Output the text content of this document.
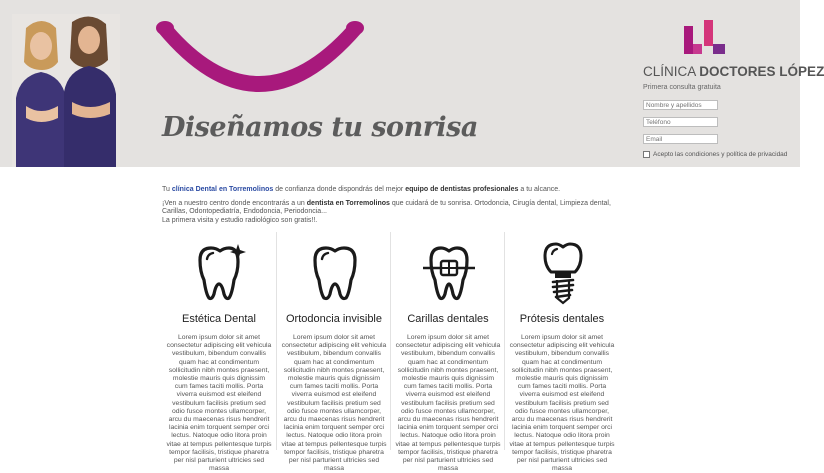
Diseñamos tu sonrisa
CLÍNICA DOCTORES LÓPEZ
Primera consulta gratuita
Nombre y apellidos
Teléfono
Email
Acepto las condiciones y política de privacidad

Tu clínica Dental en Torremolinos de confianza donde dispondrás del mejor equipo de dentistas profesionales a tu alcance.

¡Ven a nuestro centro donde encontrarás a un dentista en Torremolinos que cuidará de tu sonrisa. Ortodoncia, Cirugía dental, Limpieza dental, Carillas, Odontopediatría, Endodoncia, Periodoncia...
La primera visita y estudio radiológico son gratis!!.

Estética Dental
Lorem ipsum dolor sit amet consectetur adipiscing elit vehicula vestibulum, bibendum convallis quam hac at condimentum sollicitudin nibh montes praesent, molestie mauris quis dignissim cum fames taciti mollis. Porta viverra euismod est eleifend vestibulum facilisis pretium sed odio fusce montes ullamcorper, arcu du maecenas risus hendrerit lacinia enim torquent semper orci lectus. Natoque odio litora proin vitae at tempus pellentesque turpis tempor facilisis, tristique pharetra per nisl parturient ultricies sed massa
Ortodoncia invisible
Lorem ipsum dolor sit amet consectetur adipiscing elit vehicula vestibulum, bibendum convallis quam hac at condimentum sollicitudin nibh montes praesent, molestie mauris quis dignissim cum fames taciti mollis. Porta viverra euismod est eleifend vestibulum facilisis pretium sed odio fusce montes ullamcorper, arcu du maecenas risus hendrerit lacinia enim torquent semper orci lectus. Natoque odio litora proin vitae at tempus pellentesque turpis tempor facilisis, tristique pharetra per nisl parturient ultricies sed massa
Carillas dentales
Lorem ipsum dolor sit amet consectetur adipiscing elit vehicula vestibulum, bibendum convallis quam hac at condimentum sollicitudin nibh montes praesent, molestie mauris quis dignissim cum fames taciti mollis. Porta viverra euismod est eleifend vestibulum facilisis pretium sed odio fusce montes ullamcorper, arcu du maecenas risus hendrerit lacinia enim torquent semper orci lectus. Natoque odio litora proin vitae at tempus pellentesque turpis tempor facilisis, tristique pharetra per nisl parturient ultricies sed massa
Prótesis dentales
Lorem ipsum dolor sit amet consectetur adipiscing elit vehicula vestibulum, bibendum convallis quam hac at condimentum sollicitudin nibh montes praesent, molestie mauris quis dignissim cum fames taciti mollis. Porta viverra euismod est eleifend vestibulum facilisis pretium sed odio fusce montes ullamcorper, arcu du maecenas risus hendrerit lacinia enim torquent semper orci lectus. Natoque odio litora proin vitae at tempus pellentesque turpis tempor facilisis, tristique pharetra per nisl parturient ultricies sed massa
